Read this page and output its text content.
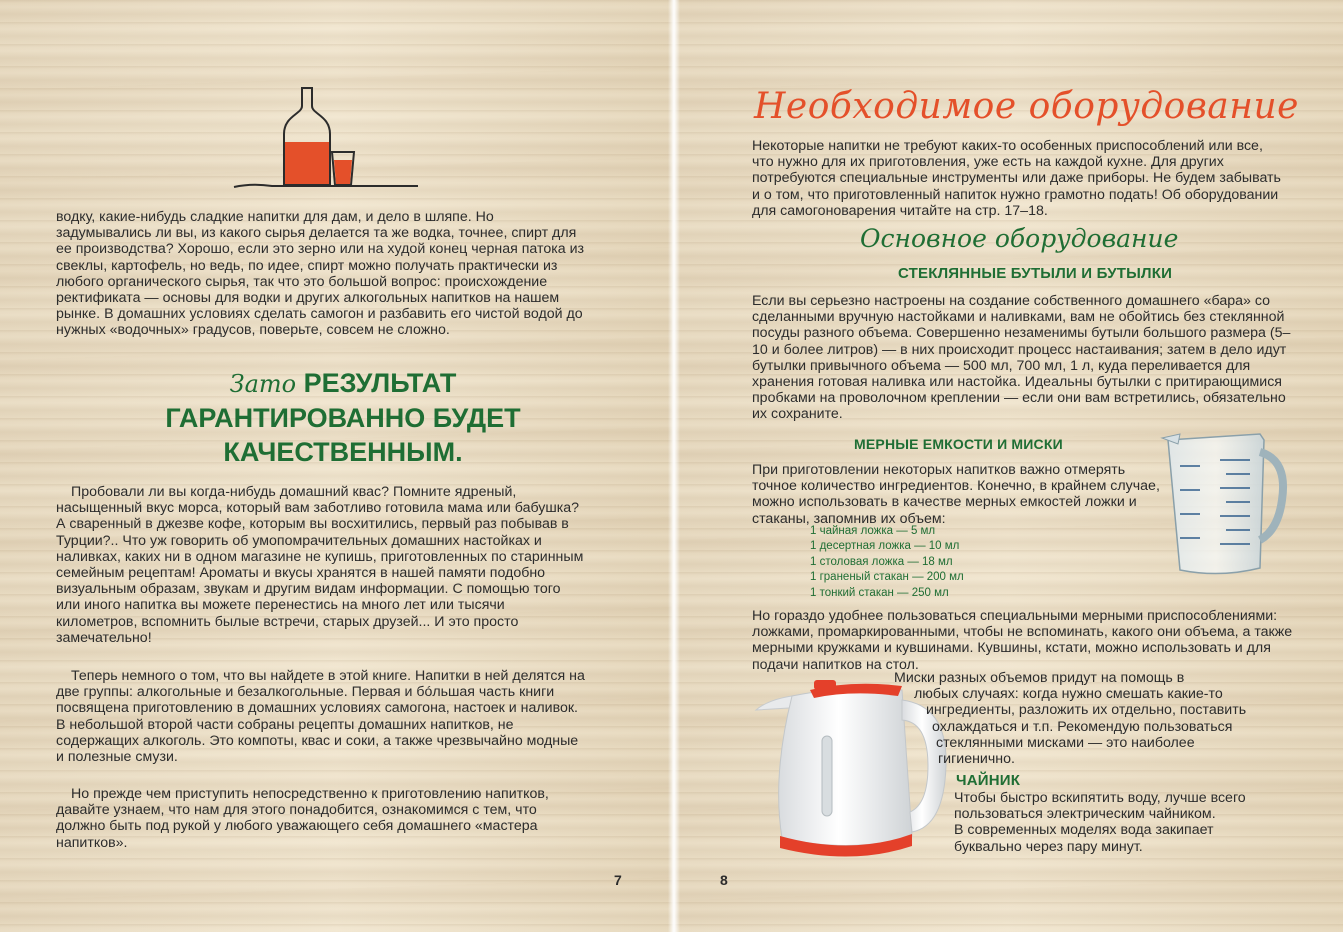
водку, какие-нибудь сладкие напитки для дам, и дело в шляпе. Но задумывались ли вы, из какого сырья делается та же водка, точнее, спирт для ее производства? Хорошо, если это зерно или на худой конец черная патока из свеклы, картофель, но ведь, по идее, спирт можно получать практически из любого органического сырья, так что это большой вопрос: происхождение ректификата — основы для водки и других алкогольных напитков на нашем рынке. В домашних условиях сделать самогон и разбавить его чистой водой до нужных «водочных» градусов, поверьте, совсем не сложно.

Зато РЕЗУЛЬТАТ
ГАРАНТИРОВАННО БУДЕТ
КАЧЕСТВЕННЫМ.

Пробовали ли вы когда-нибудь домашний квас? Помните ядреный, насыщенный вкус морса, который вам заботливо готовила мама или бабушка? А сваренный в джезве кофе, которым вы восхитились, первый раз побывав в Турции?.. Что уж говорить об умопомрачительных домашних настойках и наливках, каких ни в одном магазине не купишь, приготовленных по старинным семейным рецептам! Ароматы и вкусы хранятся в нашей памяти подобно визуальным образам, звукам и другим видам информации. С помощью того или иного напитка вы можете перенестись на много лет или тысячи километров, вспомнить былые встречи, старых друзей... И это просто замечательно!

Теперь немного о том, что вы найдете в этой книге. Напитки в ней делятся на две группы: алкогольные и безалкогольные. Первая и бóльшая часть книги посвящена приготовлению в домашних условиях самогона, настоек и наливок. В небольшой второй части собраны рецепты домашних напитков, не содержащих алкоголь. Это компоты, квас и соки, а также чрезвычайно модные и полезные смузи.

Но прежде чем приступить непосредственно к приготовлению напитков, давайте узнаем, что нам для этого понадобится, ознакомимся с тем, что должно быть под рукой у любого уважающего себя домашнего «мастера напитков».

7
Необходимое оборудование

Некоторые напитки не требуют каких-то особенных приспособлений или все, что нужно для их приготовления, уже есть на каждой кухне. Для других потребуются специальные инструменты или даже приборы. Не будем забывать и о том, что приготовленный напиток нужно грамотно подать! Об оборудовании для самогоноварения читайте на стр. 17–18.

Основное оборудование
СТЕКЛЯННЫЕ БУТЫЛИ И БУТЫЛКИ

Если вы серьезно настроены на создание собственного домашнего «бара» со сделанными вручную настойками и наливками, вам не обойтись без стеклянной посуды разного объема. Совершенно незаменимы бутыли большого размера (5–10 и более литров) — в них происходит процесс настаивания; затем в дело идут бутылки привычного объема — 500 мл, 700 мл, 1 л, куда переливается для хранения готовая наливка или настойка. Идеальны бутылки с притирающимися пробками на проволочном креплении — если они вам встретились, обязательно их сохраните.

МЕРНЫЕ ЕМКОСТИ И МИСКИ

При приготовлении некоторых напитков важно отмерять точное количество ингредиентов. Конечно, в крайнем случае, можно использовать в качестве мерных емкостей ложки и стаканы, запомнив их объем:

1 чайная ложка — 5 мл
1 десертная ложка — 10 мл
1 столовая ложка — 18 мл
1 граненый стакан — 200 мл
1 тонкий стакан — 250 мл

Но гораздо удобнее пользоваться специальными мерными приспособлениями: ложками, промаркированными, чтобы не вспоминать, какого они объема, а также мерными кружками и кувшинами. Кувшины, кстати, можно использовать и для подачи напитков на стол.

Миски разных объемов придут на помощь в
любых случаях: когда нужно смешать какие-то
ингредиенты, разложить их отдельно, поставить
охлаждаться и т.п. Рекомендую пользоваться
стеклянными мисками — это наиболее
гигиенично.
ЧАЙНИК
Чтобы быстро вскипятить воду, лучше всего
пользоваться электрическим чайником.
В современных моделях вода закипает
буквально через пару минут.
8
